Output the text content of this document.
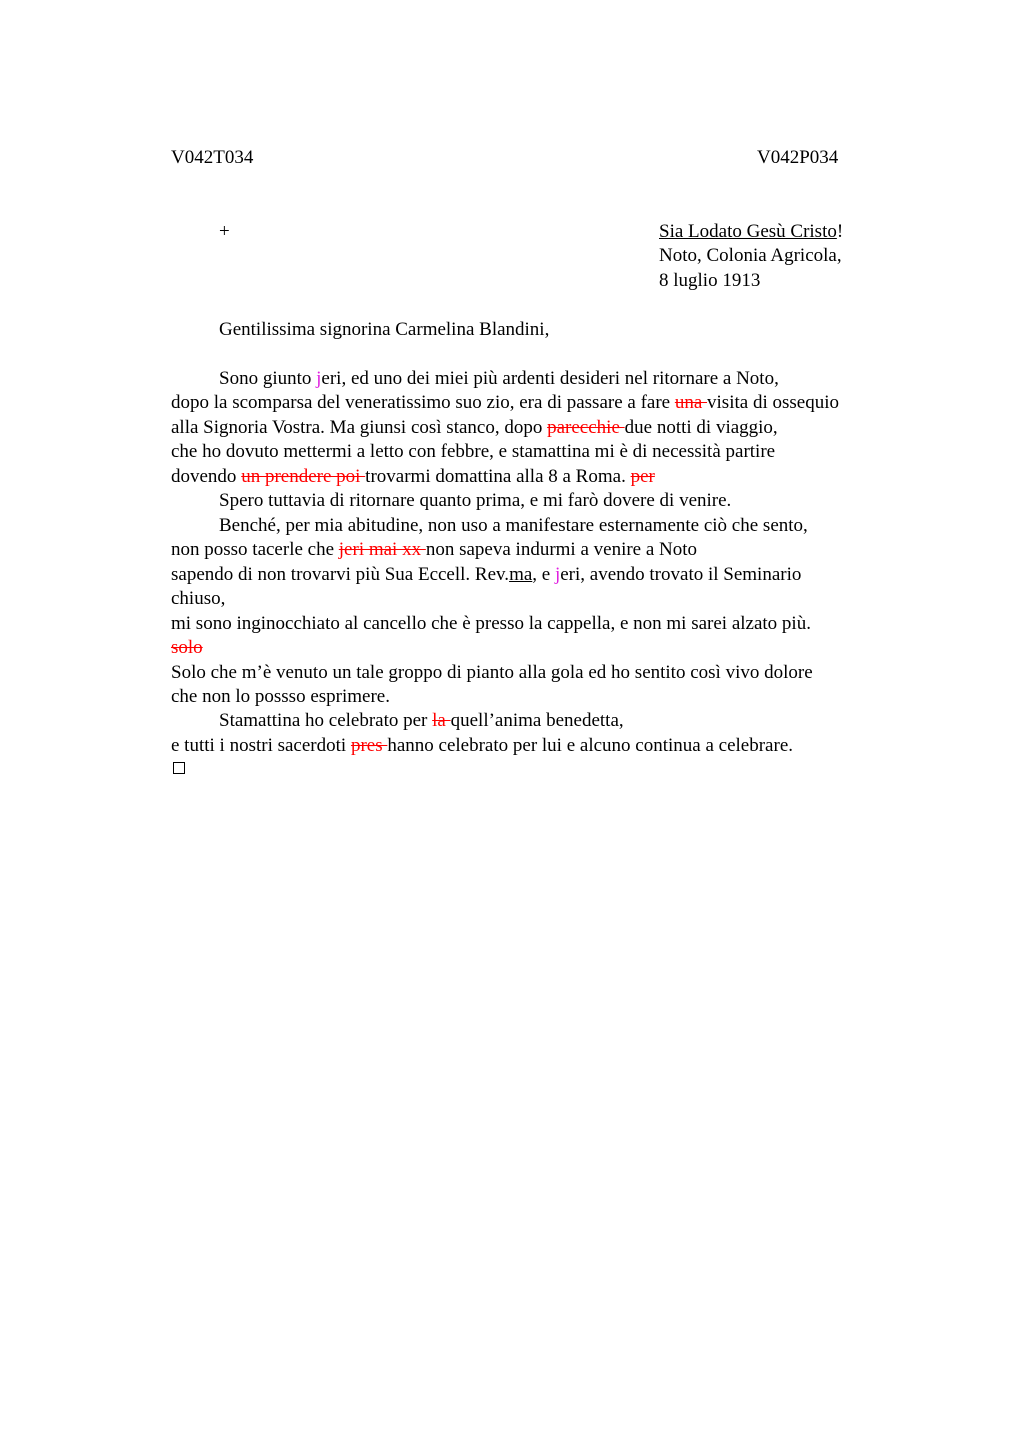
V042T034	V042P034
+	Sia Lodato Gesù Cristo!
Noto, Colonia Agricola,
8 luglio 1913
Gentilissima signorina Carmelina Blandini,
Sono giunto jeri, ed uno dei miei più ardenti desideri nel ritornare a Noto,
dopo la scomparsa del veneratissimo suo zio, era di passare a fare una visita di ossequio
alla Signoria Vostra. Ma giunsi così stanco, dopo parecchie due notti di viaggio,
che ho dovuto mettermi a letto con febbre, e stamattina mi è di necessità partire
dovendo un prendere poi trovarmi domattina alla 8 a Roma. per
Spero tuttavia di ritornare quanto prima, e mi farò dovere di venire.
Benché, per mia abitudine, non uso a manifestare esternamente ciò che sento,
non posso tacerle che jeri mai xx non sapeva indurmi a venire a Noto
sapendo di non trovarvi più Sua Eccell. Rev.ma, e jeri, avendo trovato il Seminario
chiuso,
mi sono inginocchiato al cancello che è presso la cappella, e non mi sarei alzato più.
solo
Solo che m’è venuto un tale groppo di pianto alla gola ed ho sentito così vivo dolore
che non lo possso esprimere.
Stamattina ho celebrato per la quell’anima benedetta,
e tutti i nostri sacerdoti pres hanno celebrato per lui e alcuno continua a celebrare.
